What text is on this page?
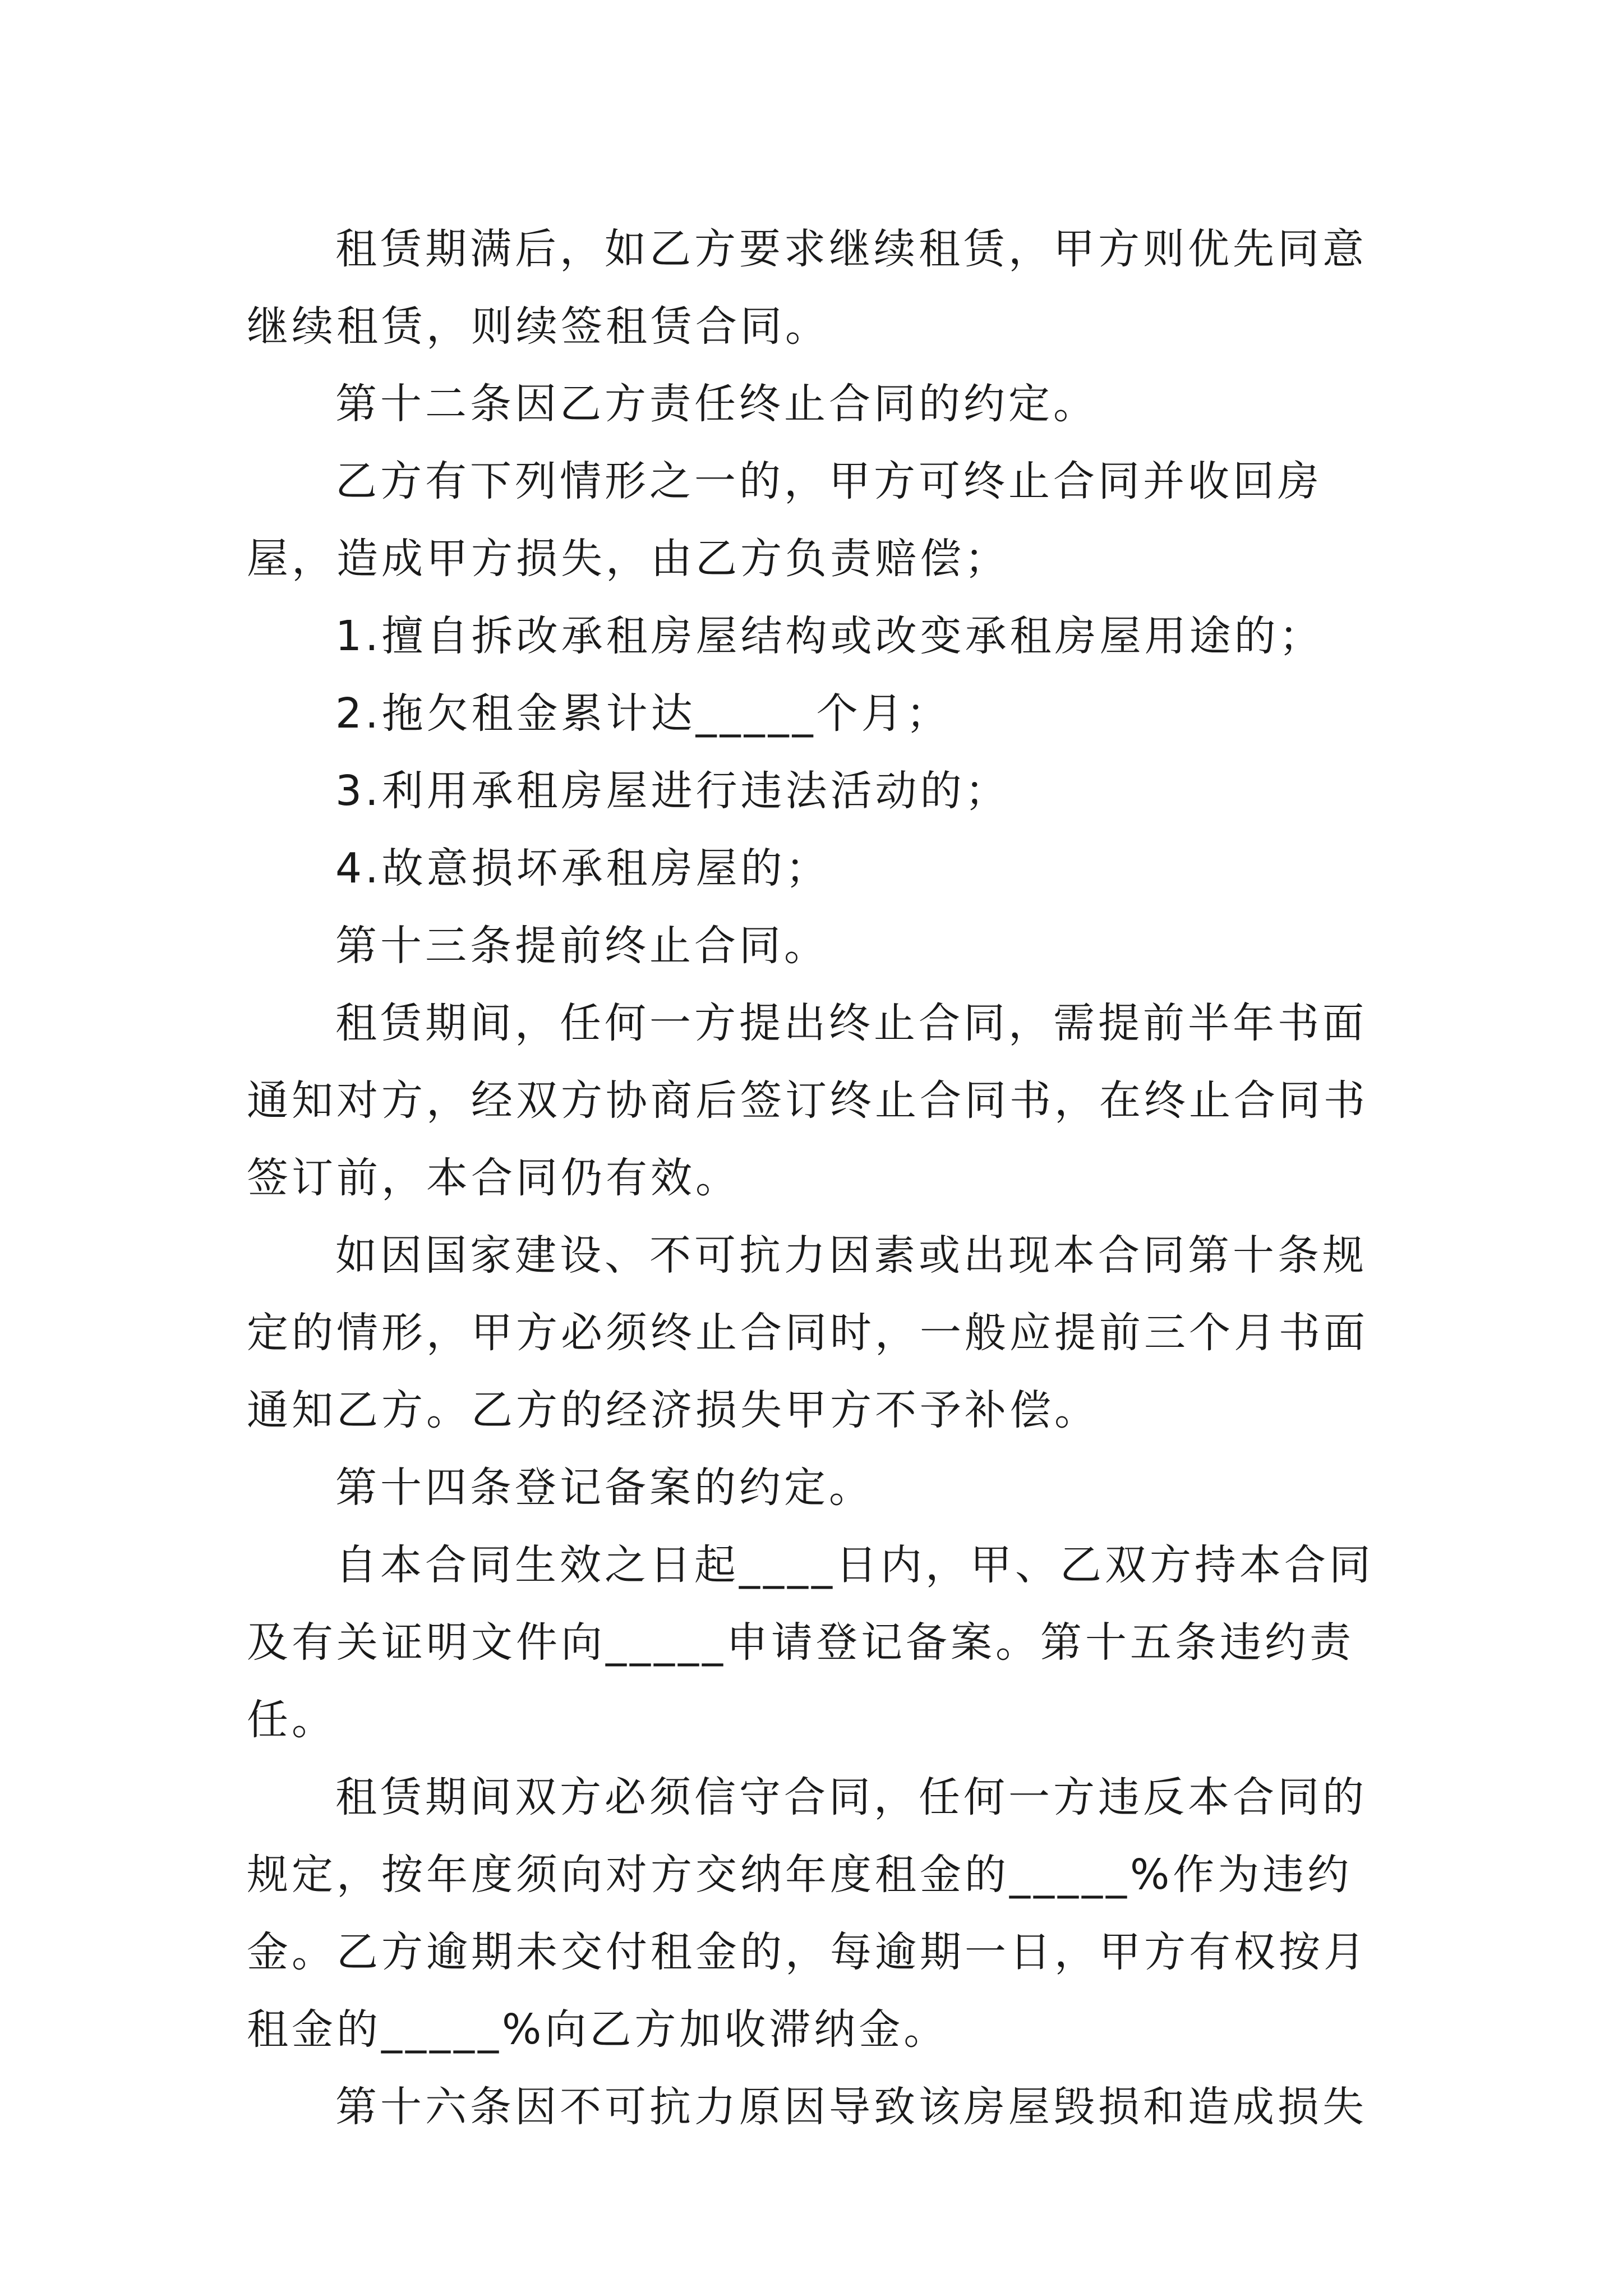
租赁期满后，如乙方要求继续租赁，甲方则优先同意继续租赁，则续签租赁合同。

第十二条因乙方责任终止合同的约定。

乙方有下列情形之一的，甲方可终止合同并收回房屋，造成甲方损失，由乙方负责赔偿；

1.擅自拆改承租房屋结构或改变承租房屋用途的；

2.拖欠租金累计达_____个月；

3.利用承租房屋进行违法活动的；

4.故意损坏承租房屋的；

第十三条提前终止合同。

租赁期间，任何一方提出终止合同，需提前半年书面通知对方，经双方协商后签订终止合同书，在终止合同书签订前，本合同仍有效。

如因国家建设、不可抗力因素或出现本合同第十条规定的情形，甲方必须终止合同时，一般应提前三个月书面通知乙方。乙方的经济损失甲方不予补偿。

第十四条登记备案的约定。

自本合同生效之日起____日内，甲、乙双方持本合同及有关证明文件向_____申请登记备案。第十五条违约责任。

租赁期间双方必须信守合同，任何一方违反本合同的规定，按年度须向对方交纳年度租金的_____%作为违约金。乙方逾期未交付租金的，每逾期一日，甲方有权按月租金的_____%向乙方加收滞纳金。

第十六条因不可抗力原因导致该房屋毁损和造成损失
